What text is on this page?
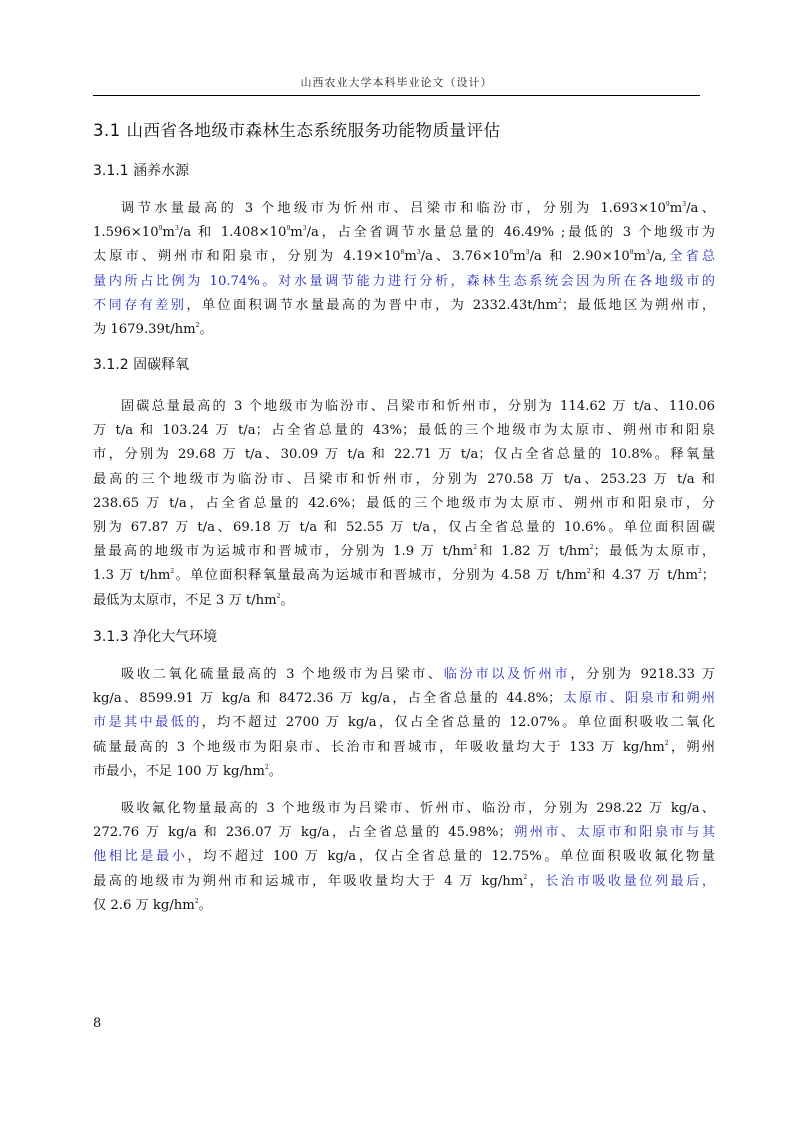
山西农业大学本科毕业论文（设计）
3.1 山西省各地级市森林生态系统服务功能物质量评估
3.1.1 涵养水源
调节水量最高的 3 个地级市为忻州市、吕梁市和临汾市，分别为 $1.693\times 10^9m^3/a$、
$1.596\times 10^9m^3/a$ 和 $1.408\times 10^9m^3/a$，占全省调节水量总量的 46.49% ;最低的 3 个地级市为
太原市、朔州市和阳泉市，分别为 $4.19\times 10^8m^3/a$、$3.76\times 10^8m^3/a$ 和 $2.90\times 10^8m^3/a$,全省总
量内所占比例为 10.74%。对水量调节能力进行分析，森林生态系统会因为所在各地级市的
不同存有差别，单位面积调节水量最高的为晋中市，为 $2332.43t/hm^2$；最低地区为朔州市，
为 $1679.39t/hm^2$。
3.1.2 固碳释氧
固碳总量最高的 3 个地级市为临汾市、吕梁市和忻州市，分别为 114.62 万 t/a、110.06
万 t/a 和 103.24 万 t/a；占全省总量的 43%；最低的三个地级市为太原市、朔州市和阳泉
市，分别为 29.68 万 t/a、30.09 万 t/a 和 22.71 万 t/a；仅占全省总量的 10.8%。释氧量
最高的三个地级市为临汾市、吕梁市和忻州市，分别为 270.58 万 t/a、253.23 万 t/a 和
238.65 万 t/a，占全省总量的 42.6%；最低的三个地级市为太原市、朔州市和阳泉市，分
别为 67.87 万 t/a、69.18 万 t/a 和 52.55 万 t/a，仅占全省总量的 10.6%。单位面积固碳
量最高的地级市为运城市和晋城市，分别为 1.9 万 $t/hm^2$和 1.82 万 $t/hm^2$；最低为太原市，
1.3 万 $t/hm^2$。单位面积释氧量最高为运城市和晋城市，分别为 4.58 万 $t/hm^2$和 4.37 万 $t/hm^2$；
最低为太原市，不足 3 万 $t/hm^2$。
3.1.3 净化大气环境
吸收二氧化硫量最高的 3 个地级市为吕梁市、临汾市以及忻州市，分别为 9218.33 万
kg/a、8599.91 万 kg/a 和 8472.36 万 kg/a，占全省总量的 44.8%；太原市、阳泉市和朔州
市是其中最低的，均不超过 2700 万 kg/a，仅占全省总量的 12.07%。单位面积吸收二氧化
硫量最高的 3 个地级市为阳泉市、长治市和晋城市，年吸收量均大于 133 万 $kg/hm^2$，朔州
市最小，不足 100 万 $kg/hm^2$。
吸收氟化物量最高的 3 个地级市为吕梁市、忻州市、临汾市，分别为 298.22 万 kg/a、
272.76 万 kg/a 和 236.07 万 kg/a，占全省总量的 45.98%；朔州市、太原市和阳泉市与其
他相比是最小，均不超过 100 万 kg/a，仅占全省总量的 12.75%。单位面积吸收氟化物量
最高的地级市为朔州市和运城市，年吸收量均大于 4 万 $kg/hm^2$，长治市吸收量位列最后，
仅 2.6 万 $kg/hm^2$。
8
